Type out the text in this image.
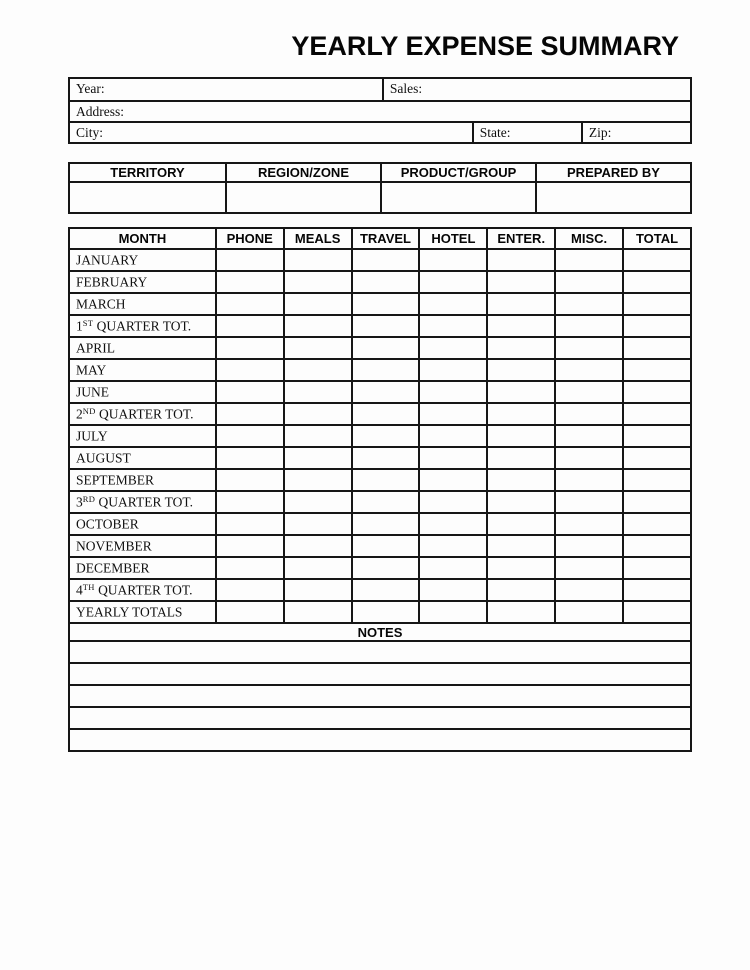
YEARLY EXPENSE SUMMARY
Year:	Sales:
Address:
City:	State:	Zip:
TERRITORY	REGION/ZONE	PRODUCT/GROUP	PREPARED BY
MONTH	PHONE	MEALS	TRAVEL	HOTEL	ENTER.	MISC.	TOTAL
JANUARY							
FEBRUARY							
MARCH							
1ST QUARTER TOT.							
APRIL							
MAY							
JUNE							
2ND QUARTER TOT.							
JULY							
AUGUST							
SEPTEMBER							
3RD QUARTER TOT.							
OCTOBER							
NOVEMBER							
DECEMBER							
4TH QUARTER TOT.							
YEARLY TOTALS							
NOTES
